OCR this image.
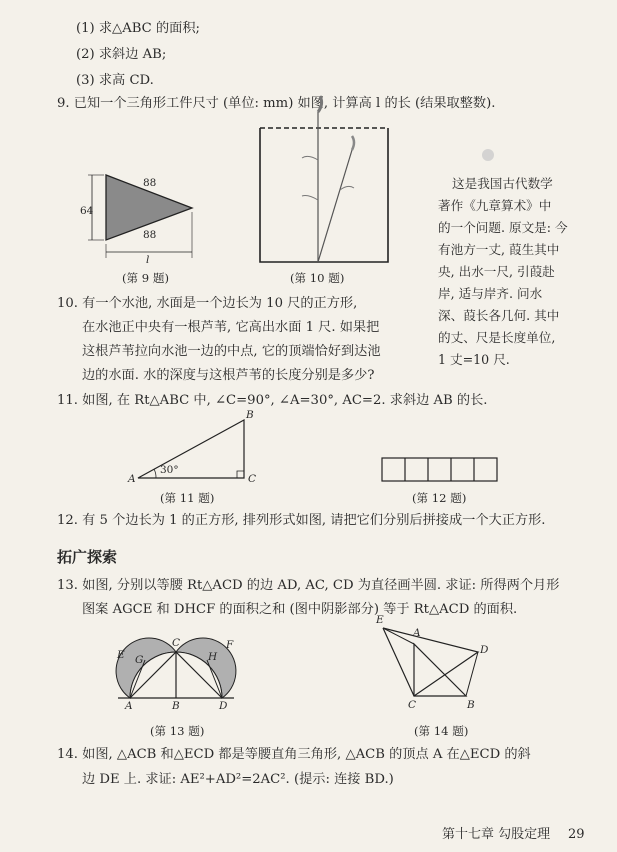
(1) 求△ABC 的面积;
(2) 求斜边 AB;
(3) 求高 CD.
9. 已知一个三角形工件尺寸 (单位: mm) 如图, 计算高 l 的长 (结果取整数).
88
88
64
l
(第 9 题)	(第 10 题)
这是我国古代数学
著作《九章算术》中
的一个问题. 原文是: 今
有池方一丈, 葭生其中
央, 出水一尺, 引葭赴
岸, 适与岸齐. 问水
深、葭长各几何. 其中
的丈、尺是长度单位,
1 丈=10 尺.
10. 有一个水池, 水面是一个边长为 10 尺的正方形,
在水池正中央有一根芦苇, 它高出水面 1 尺. 如果把
这根芦苇拉向水池一边的中点, 它的顶端恰好到达池
边的水面. 水的深度与这根芦苇的长度分别是多少?
11. 如图, 在 Rt△ABC 中, ∠C=90°, ∠A=30°, AC=2. 求斜边 AB 的长.
A
B
C
30°
(第 11 题)	(第 12 题)
12. 有 5 个边长为 1 的正方形, 排列形式如图, 请把它们分别后拼接成一个大正方形.
拓广探索
13. 如图, 分别以等腰 Rt△ACD 的边 AD, AC, CD 为直径画半圆. 求证: 所得两个月形
图案 AGCE 和 DHCF 的面积之和 (图中阴影部分) 等于 Rt△ACD 的面积.
E G
C
H
F
A	B	D
(第 13 题)
E
A
D
C	B
(第 14 题)
14. 如图, △ACB 和△ECD 都是等腰直角三角形, △ACB 的顶点 A 在△ECD 的斜
边 DE 上. 求证: AE²+AD²=2AC². (提示: 连接 BD.)
第十七章 勾股定理 29
